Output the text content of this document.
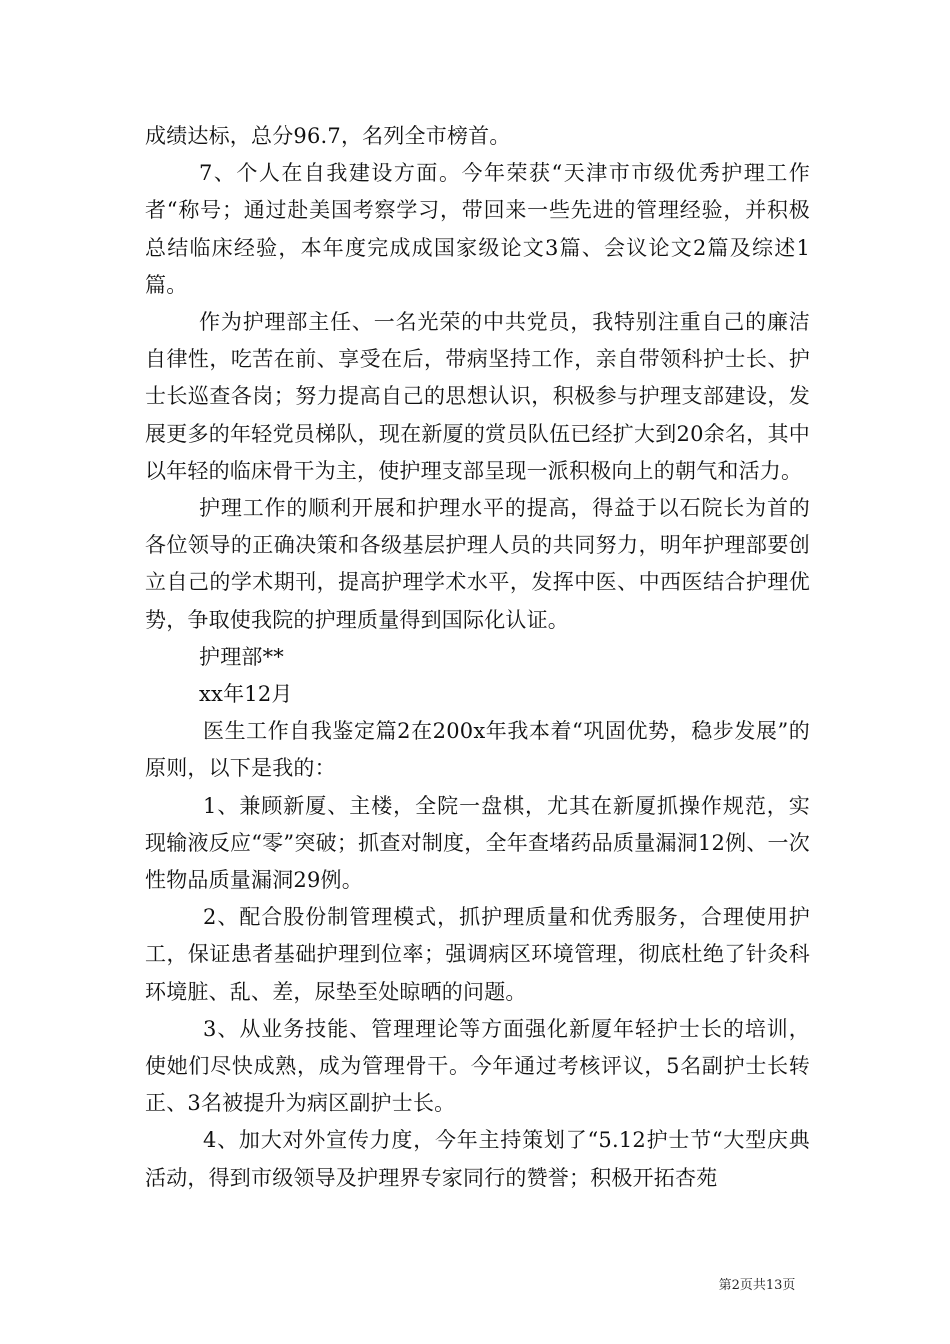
成绩达标，总分96.7，名列全市榜首。

7、个人在自我建设方面。今年荣获“天津市市级优秀护理工作者“称号；通过赴美国考察学习，带回来一些先进的管理经验，并积极总结临床经验，本年度完成成国家级论文3篇、会议论文2篇及综述1篇。

作为护理部主任、一名光荣的中共党员，我特别注重自己的廉洁自律性，吃苦在前、享受在后，带病坚持工作，亲自带领科护士长、护士长巡查各岗；努力提高自己的思想认识，积极参与护理支部建设，发展更多的年轻党员梯队，现在新厦的赏员队伍已经扩大到20余名，其中以年轻的临床骨干为主，使护理支部呈现一派积极向上的朝气和活力。

护理工作的顺利开展和护理水平的提高，得益于以石院长为首的各位领导的正确决策和各级基层护理人员的共同努力，明年护理部要创立自己的学术期刊，提高护理学术水平，发挥中医、中西医结合护理优势，争取使我院的护理质量得到国际化认证。

护理部**

xx年12月

医生工作自我鉴定篇2在200x年我本着“巩固优势，稳步发展”的原则，以下是我的：

1、兼顾新厦、主楼，全院一盘棋，尤其在新厦抓操作规范，实现输液反应“零”突破；抓查对制度，全年查堵药品质量漏洞12例、一次性物品质量漏洞29例。

2、配合股份制管理模式，抓护理质量和优秀服务，合理使用护工，保证患者基础护理到位率；强调病区环境管理，彻底杜绝了针灸科环境脏、乱、差，尿垫至处晾晒的问题。

3、从业务技能、管理理论等方面强化新厦年轻护士长的培训，使她们尽快成熟，成为管理骨干。今年通过考核评议，5名副护士长转正、3名被提升为病区副护士长。

4、加大对外宣传力度，今年主持策划了“5.12护士节“大型庆典活动，得到市级领导及护理界专家同行的赞誉；积极开拓杏苑

第2页共13页
